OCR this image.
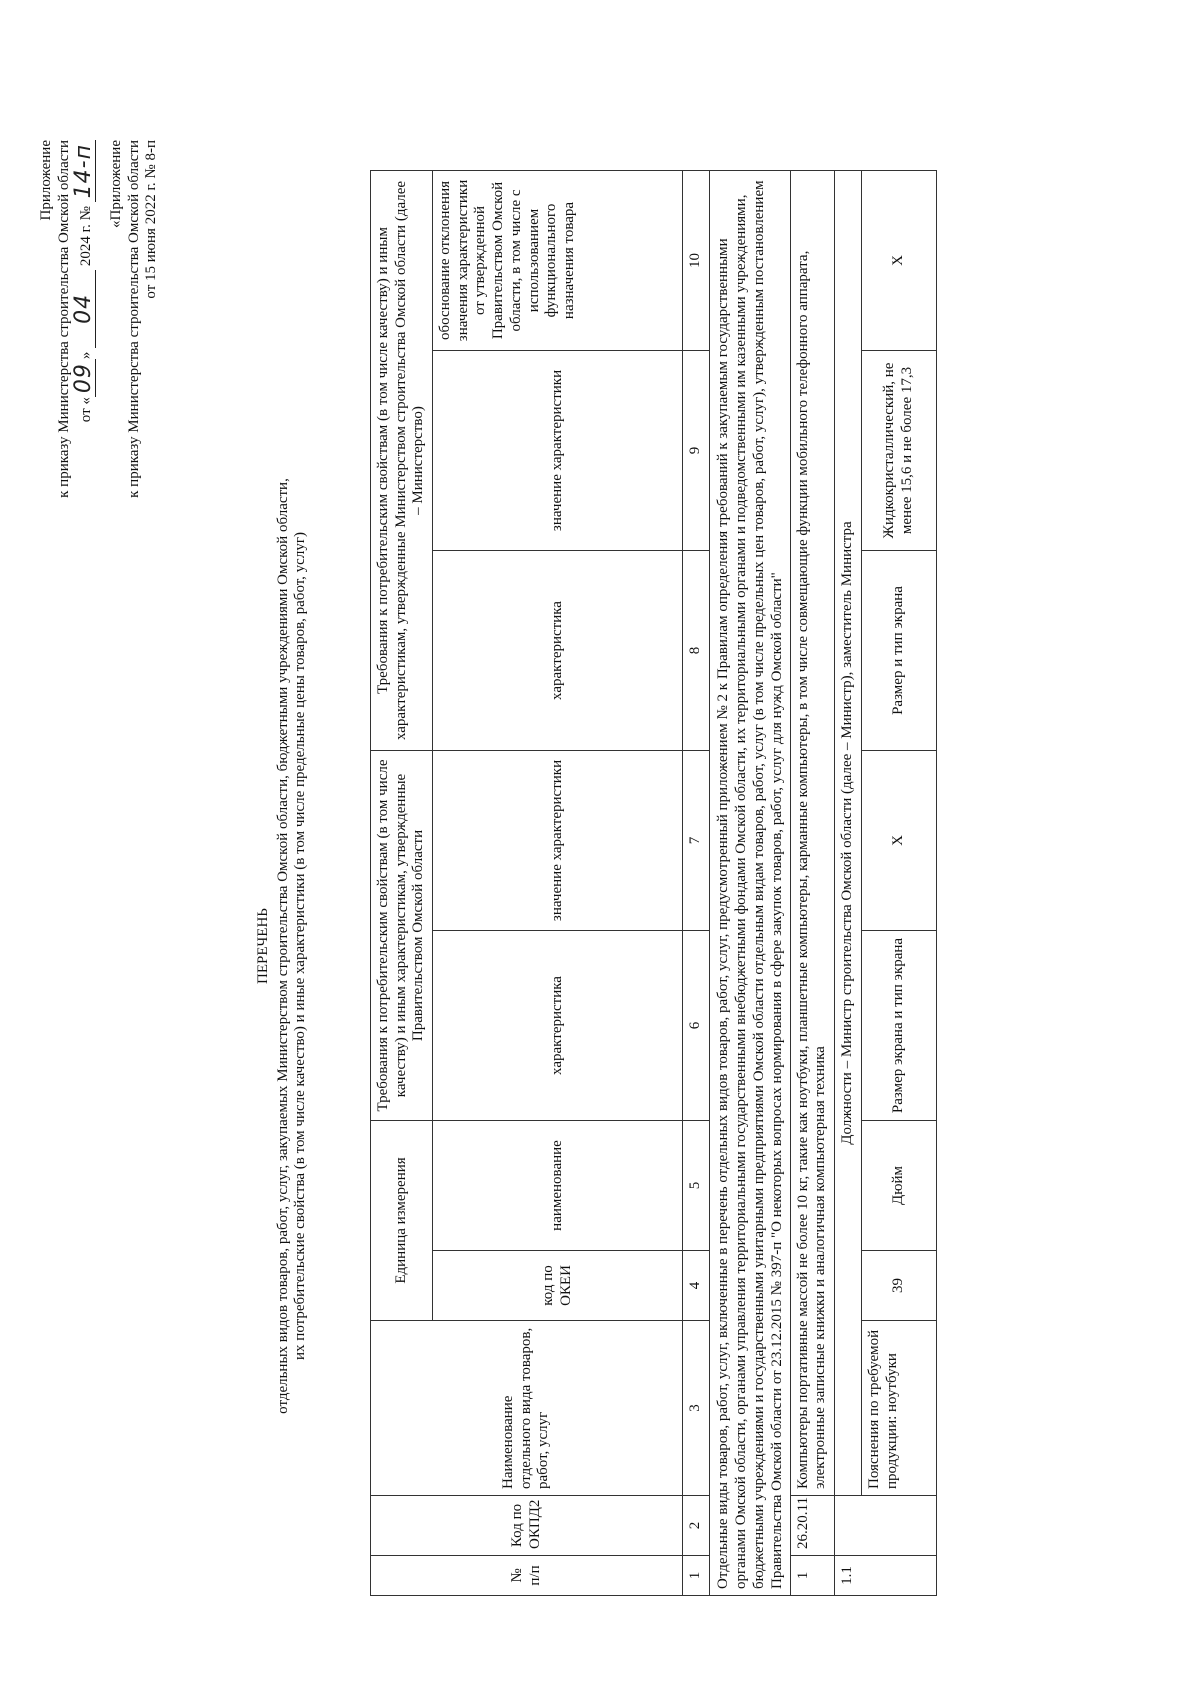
Приложение к приказу Министерства строительства Омской области от «09» 04 2024 г. № 14-п «Приложение к приказу Министерства строительства Омской области от 15 июня 2022 г. № 8-п
ПЕРЕЧЕНЬ отдельных видов товаров, работ, услуг, закупаемых Министерством строительства Омской области, бюджетными учреждениями Омской области, их потребительские свойства (в том числе качество) и иные характеристики (в том числе предельные цены товаров, работ, услуг)
№ п/п	Код по ОКПД2	Наименование отдельного вида товаров, работ, услуг	Единица измерения		Требования к потребительским свойствам (в том числе качеству) и иным характеристикам, утвержденные Правительством Омской области		Требования к потребительским свойствам (в том числе качеству) и иным характеристикам, утвержденные Министерством строительства Омской области (далее – Министерство)		
			код по ОКЕИ	наименование	характеристика	значение характеристики	характеристика	значение характеристики	обоснование отклонения значения характеристики от утвержденной Правительством Омской области, в том числе с использованием функционального назначения товара
1	2	3	4	5	6	7	8	9	10
Отдельные виды товаров, работ, услуг, включенные в перечень отдельных видов товаров, работ, услуг, предусмотренный приложением № 2 к Правилам определения требований к закупаемым государственными органами Омской области, органами управления территориальными государственными внебюджетными фондами Омской области, их территориальными органами и подведомственными им казенными учреждениями, бюджетными учреждениями и государственными унитарными предприятиями Омской области отдельным видам товаров, работ, услуг (в том числе предельных цен товаров, работ, услуг), утвержденным постановлением Правительства Омской области от 23.12.2015 № 397-п "О некоторых вопросах нормирования в сфере закупок товаров, работ, услуг для нужд Омской области"									
1	26.20.11	Компьютеры портативные массой не более 10 кг, такие как ноутбуки, планшетные компьютеры, карманные компьютеры, в том числе совмещающие функции мобильного телефонного аппарата, электронные записные книжки и аналогичная компьютерная техника							
1.1		Должности – Министр строительства Омской области (далее – Министр), заместитель Министра							
		Пояснения по требуемой продукции: ноутбуки	39	Дюйм	Размер экрана и тип экрана	Х	Размер и тип экрана	Жидкокристаллический, не менее 15,6 и не более 17,3	Х
